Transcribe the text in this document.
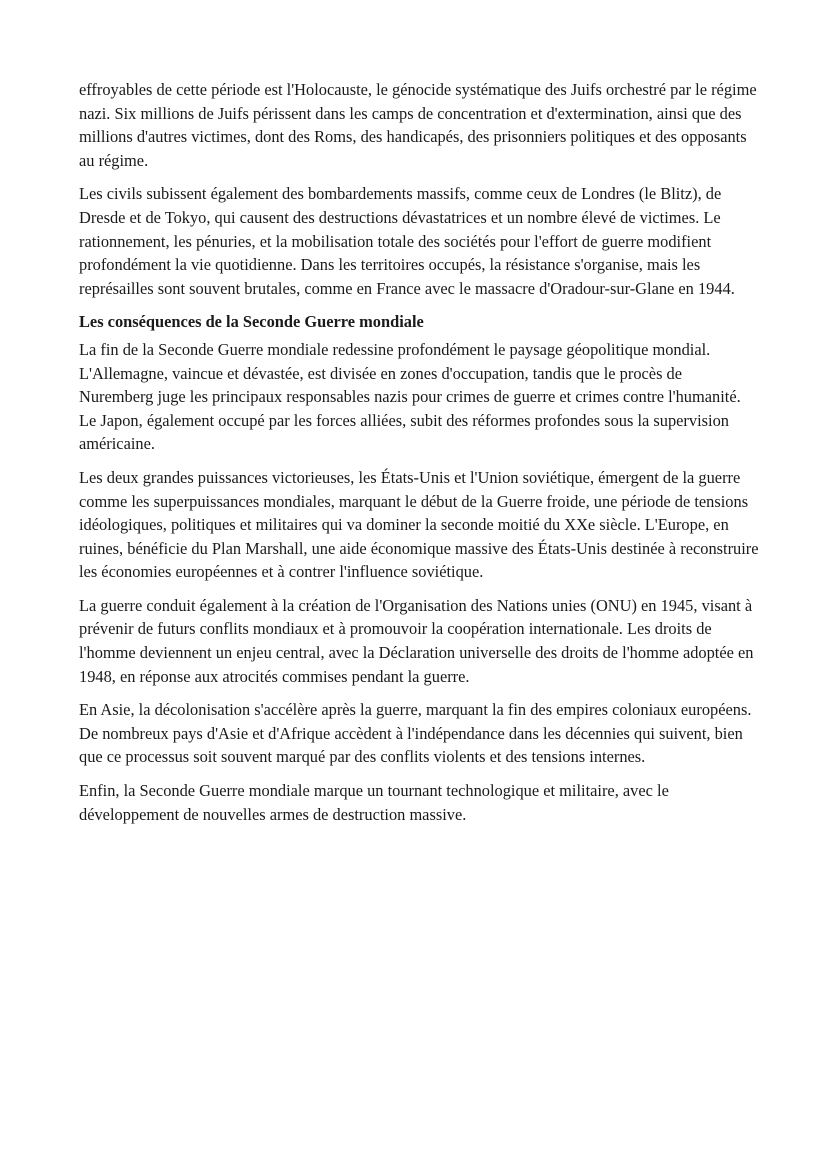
effroyables de cette période est l'Holocauste, le génocide systématique des Juifs orchestré par le régime nazi. Six millions de Juifs périssent dans les camps de concentration et d'extermination, ainsi que des millions d'autres victimes, dont des Roms, des handicapés, des prisonniers politiques et des opposants au régime.

Les civils subissent également des bombardements massifs, comme ceux de Londres (le Blitz), de Dresde et de Tokyo, qui causent des destructions dévastatrices et un nombre élevé de victimes. Le rationnement, les pénuries, et la mobilisation totale des sociétés pour l'effort de guerre modifient profondément la vie quotidienne. Dans les territoires occupés, la résistance s'organise, mais les représailles sont souvent brutales, comme en France avec le massacre d'Oradour-sur-Glane en 1944.

Les conséquences de la Seconde Guerre mondiale

La fin de la Seconde Guerre mondiale redessine profondément le paysage géopolitique mondial. L'Allemagne, vaincue et dévastée, est divisée en zones d'occupation, tandis que le procès de Nuremberg juge les principaux responsables nazis pour crimes de guerre et crimes contre l'humanité. Le Japon, également occupé par les forces alliées, subit des réformes profondes sous la supervision américaine.

Les deux grandes puissances victorieuses, les États-Unis et l'Union soviétique, émergent de la guerre comme les superpuissances mondiales, marquant le début de la Guerre froide, une période de tensions idéologiques, politiques et militaires qui va dominer la seconde moitié du XXe siècle. L'Europe, en ruines, bénéficie du Plan Marshall, une aide économique massive des États-Unis destinée à reconstruire les économies européennes et à contrer l'influence soviétique.

La guerre conduit également à la création de l'Organisation des Nations unies (ONU) en 1945, visant à prévenir de futurs conflits mondiaux et à promouvoir la coopération internationale. Les droits de l'homme deviennent un enjeu central, avec la Déclaration universelle des droits de l'homme adoptée en 1948, en réponse aux atrocités commises pendant la guerre.

En Asie, la décolonisation s'accélère après la guerre, marquant la fin des empires coloniaux européens. De nombreux pays d'Asie et d'Afrique accèdent à l'indépendance dans les décennies qui suivent, bien que ce processus soit souvent marqué par des conflits violents et des tensions internes.

Enfin, la Seconde Guerre mondiale marque un tournant technologique et militaire, avec le développement de nouvelles armes de destruction massive.
